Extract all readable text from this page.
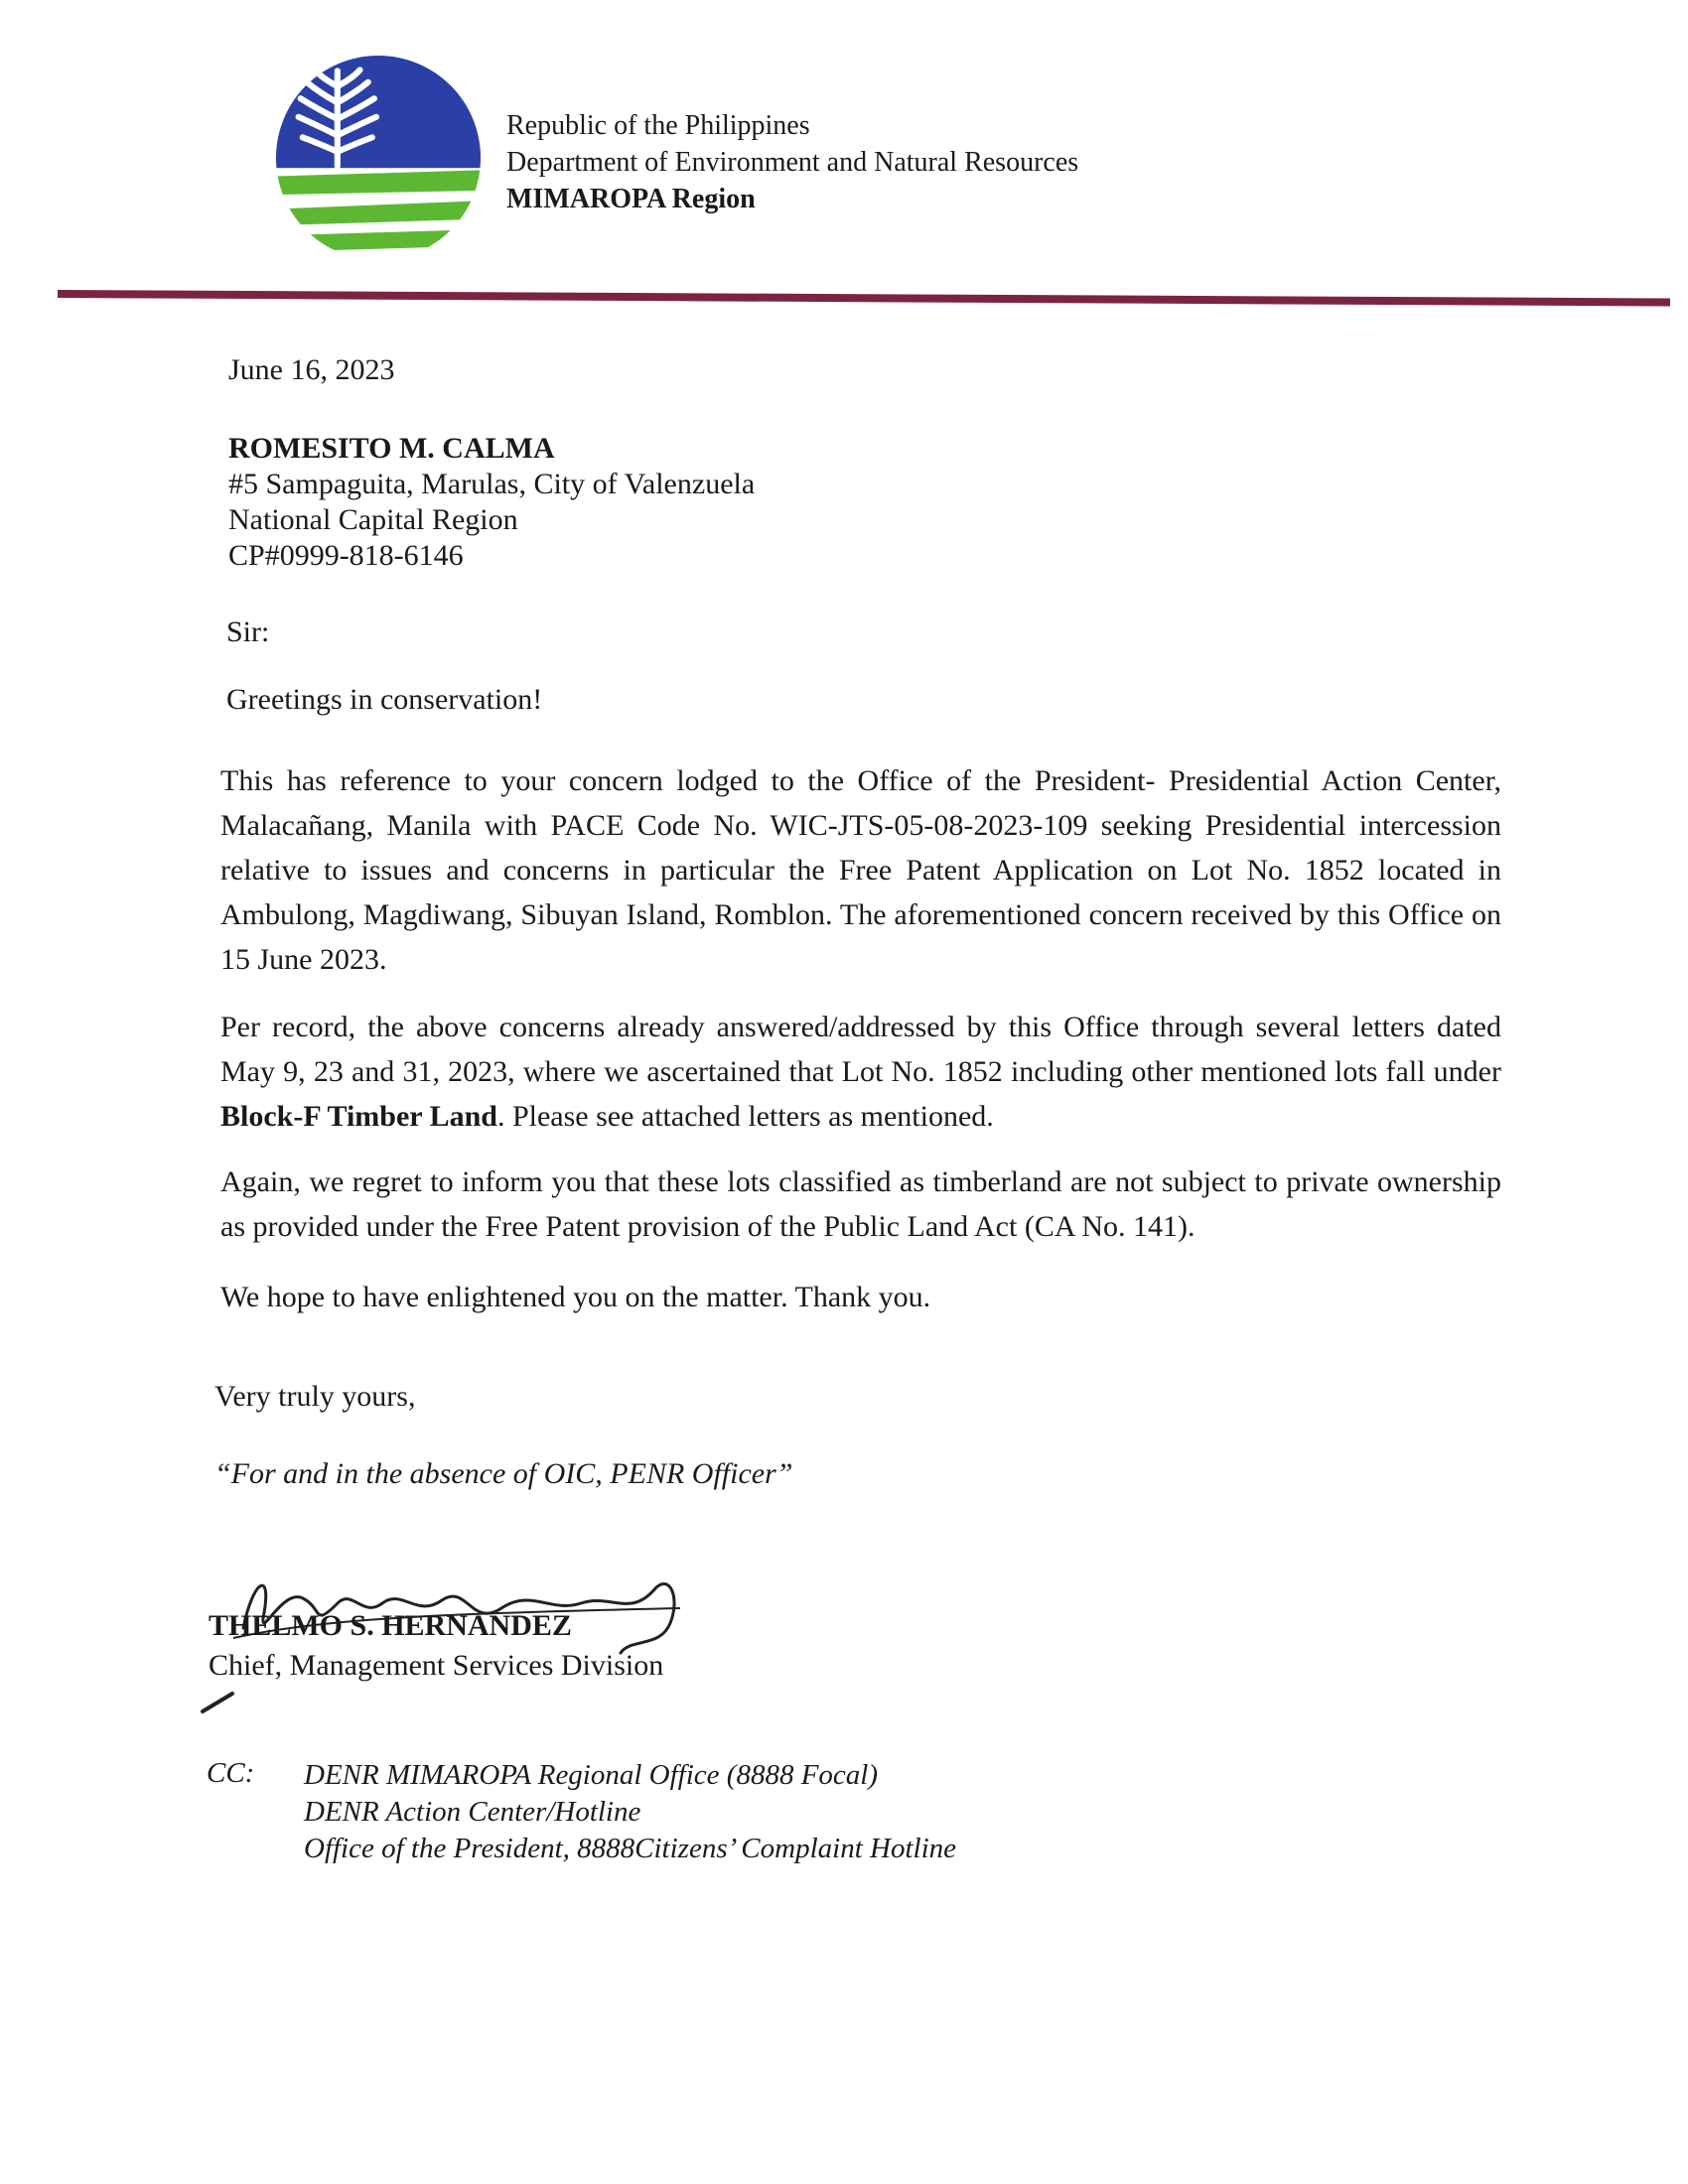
Republic of the Philippines
Department of Environment and Natural Resources
MIMAROPA Region
June 16, 2023
ROMESITO M. CALMA
#5 Sampaguita, Marulas, City of Valenzuela
National Capital Region
CP#0999-818-6146
Sir:
Greetings in conservation!

This has reference to your concern lodged to the Office of the President- Presidential Action Center, Malacañang, Manila with PACE Code No. WIC-JTS-05-08-2023-109 seeking Presidential intercession relative to issues and concerns in particular the Free Patent Application on Lot No. 1852 located in Ambulong, Magdiwang, Sibuyan Island, Romblon. The aforementioned concern received by this Office on 15 June 2023.

Per record, the above concerns already answered/addressed by this Office through several letters dated May 9, 23 and 31, 2023, where we ascertained that Lot No. 1852 including other mentioned lots fall under Block-F Timber Land. Please see attached letters as mentioned.

Again, we regret to inform you that these lots classified as timberland are not subject to private ownership as provided under the Free Patent provision of the Public Land Act (CA No. 141).

We hope to have enlightened you on the matter. Thank you.

Very truly yours,
“For and in the absence of OIC, PENR Officer”
THELMO S. HERNANDEZ
Chief, Management Services Division
CC: DENR MIMAROPA Regional Office (8888 Focal)
DENR Action Center/Hotline
Office of the President, 8888Citizens’ Complaint Hotline
